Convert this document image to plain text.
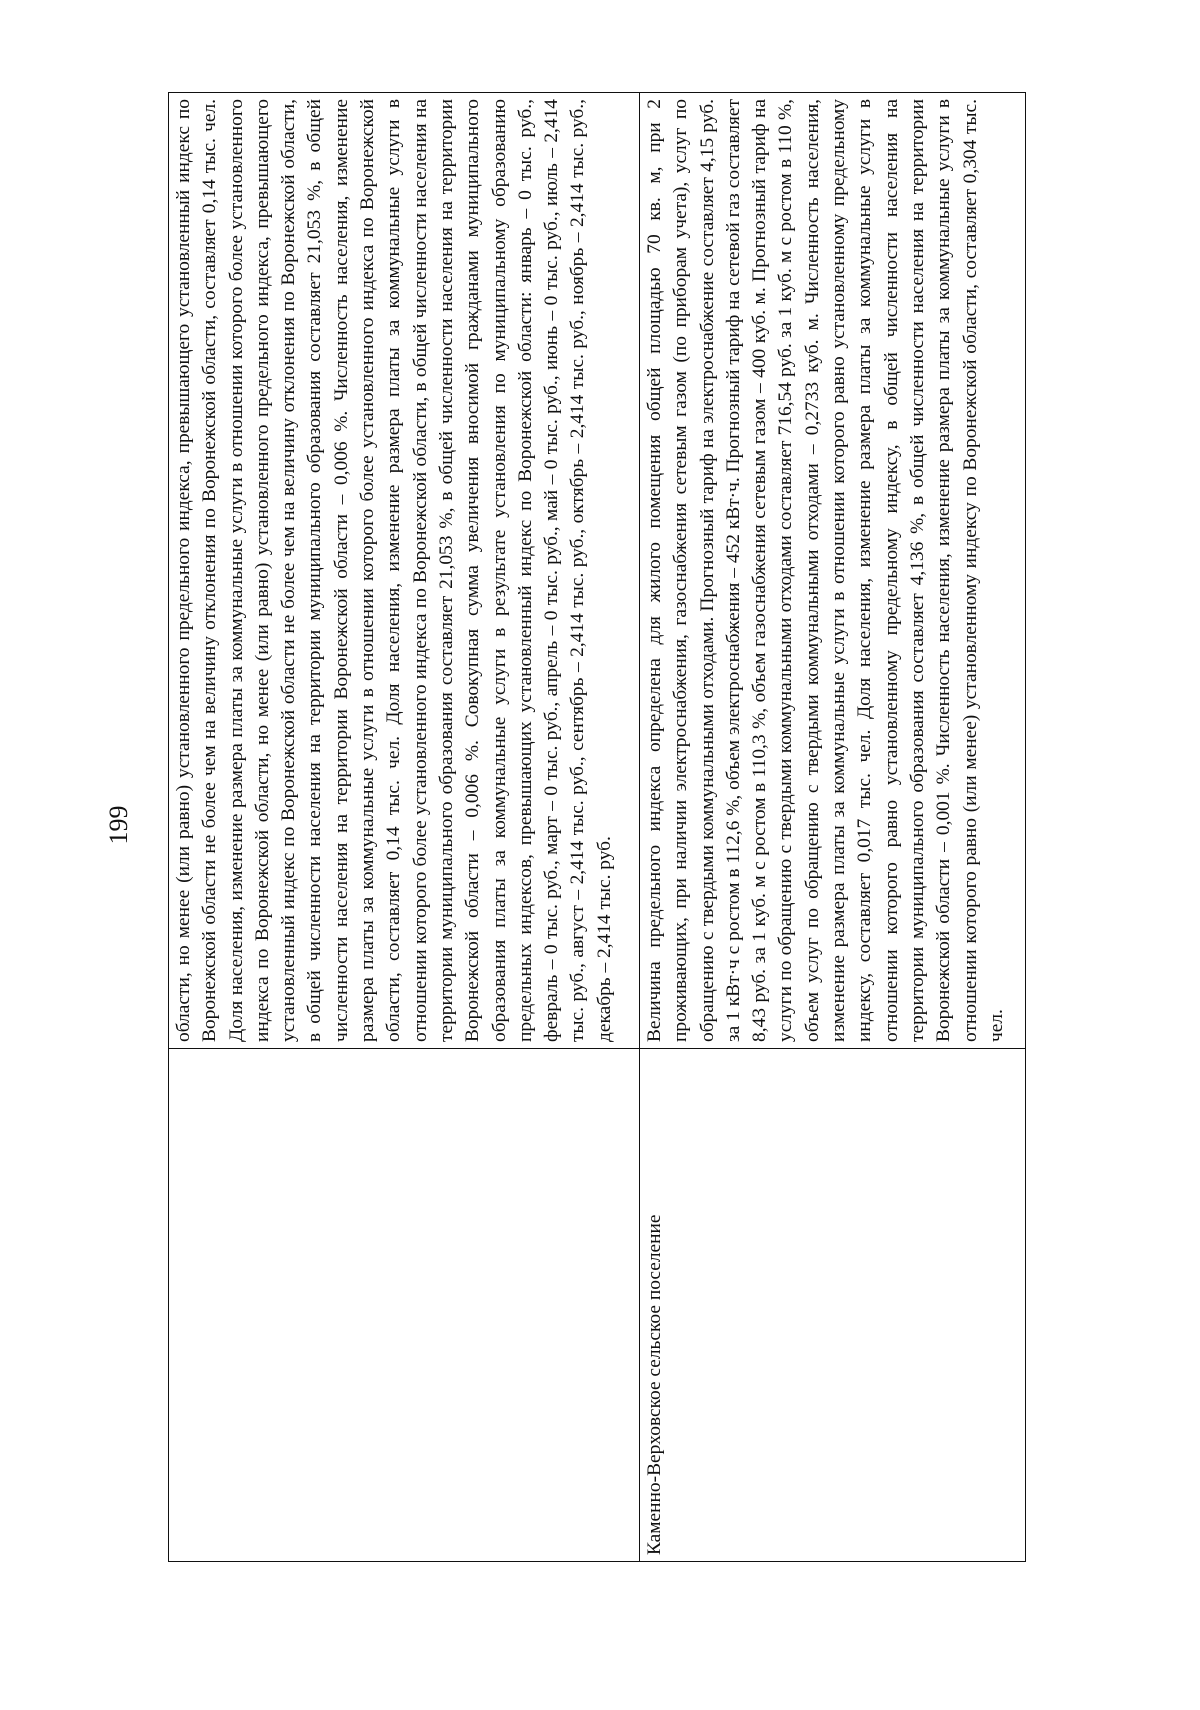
199
	области, но менее (или равно) установленного предельного индекса, превышающего установленный индекс по Воронежской области не более чем на величину отклонения по Воронежской области, составляет 0,14 тыс. чел. Доля населения, изменение размера платы за коммунальные услуги в отношении которого более установленного индекса по Воронежской области, но менее (или равно) установленного предельного индекса, превышающего установленный индекс по Воронежской области не более чем на величину отклонения по Воронежской области, в общей численности населения на территории муниципального образования составляет 21,053 %, в общей численности населения на территории Воронежской области – 0,006 %. Численность населения, изменение размера платы за коммунальные услуги в отношении которого более установленного индекса по Воронежской области, составляет 0,14 тыс. чел. Доля населения, изменение размера платы за коммунальные услуги в отношении которого более установленного индекса по Воронежской области, в общей численности населения на территории муниципального образования составляет 21,053 %, в общей численности населения на территории Воронежской области – 0,006 %. Совокупная сумма увеличения вносимой гражданами муниципального образования платы за коммунальные услуги в результате установления по муниципальному образованию предельных индексов, превышающих установленный индекс по Воронежской области: январь – 0 тыс. руб., февраль – 0 тыс. руб., март – 0 тыс. руб., апрель – 0 тыс. руб., май – 0 тыс. руб., июнь – 0 тыс. руб., июль – 2,414 тыс. руб., август – 2,414 тыс. руб., сентябрь – 2,414 тыс. руб., октябрь – 2,414 тыс. руб., ноябрь – 2,414 тыс. руб., декабрь – 2,414 тыс. руб.
Каменно-Верховское сельское поселение	Величина предельного индекса определена для жилого помещения общей площадью 70 кв. м, при 2 проживающих, при наличии электроснабжения, газоснабжения сетевым газом (по приборам учета), услуг по обращению с твердыми коммунальными отходами. Прогнозный тариф на электроснабжение составляет 4,15 руб. за 1 кВт·ч с ростом в 112,6 %, объем электроснабжения – 452 кВт·ч. Прогнозный тариф на сетевой газ составляет 8,43 руб. за 1 куб. м с ростом в 110,3 %, объем газоснабжения сетевым газом – 400 куб. м. Прогнозный тариф на услуги по обращению с твердыми коммунальными отходами составляет 716,54 руб. за 1 куб. м с ростом в 110 %, объем услуг по обращению с твердыми коммунальными отходами – 0,2733 куб. м. Численность населения, изменение размера платы за коммунальные услуги в отношении которого равно установленному предельному индексу, составляет 0,017 тыс. чел. Доля населения, изменение размера платы за коммунальные услуги в отношении которого равно установленному предельному индексу, в общей численности населения на территории муниципального образования составляет 4,136 %, в общей численности населения на территории Воронежской области – 0,001 %. Численность населения, изменение размера платы за коммунальные услуги в отношении которого равно (или менее) установленному индексу по Воронежской области, составляет 0,304 тыс. чел.
